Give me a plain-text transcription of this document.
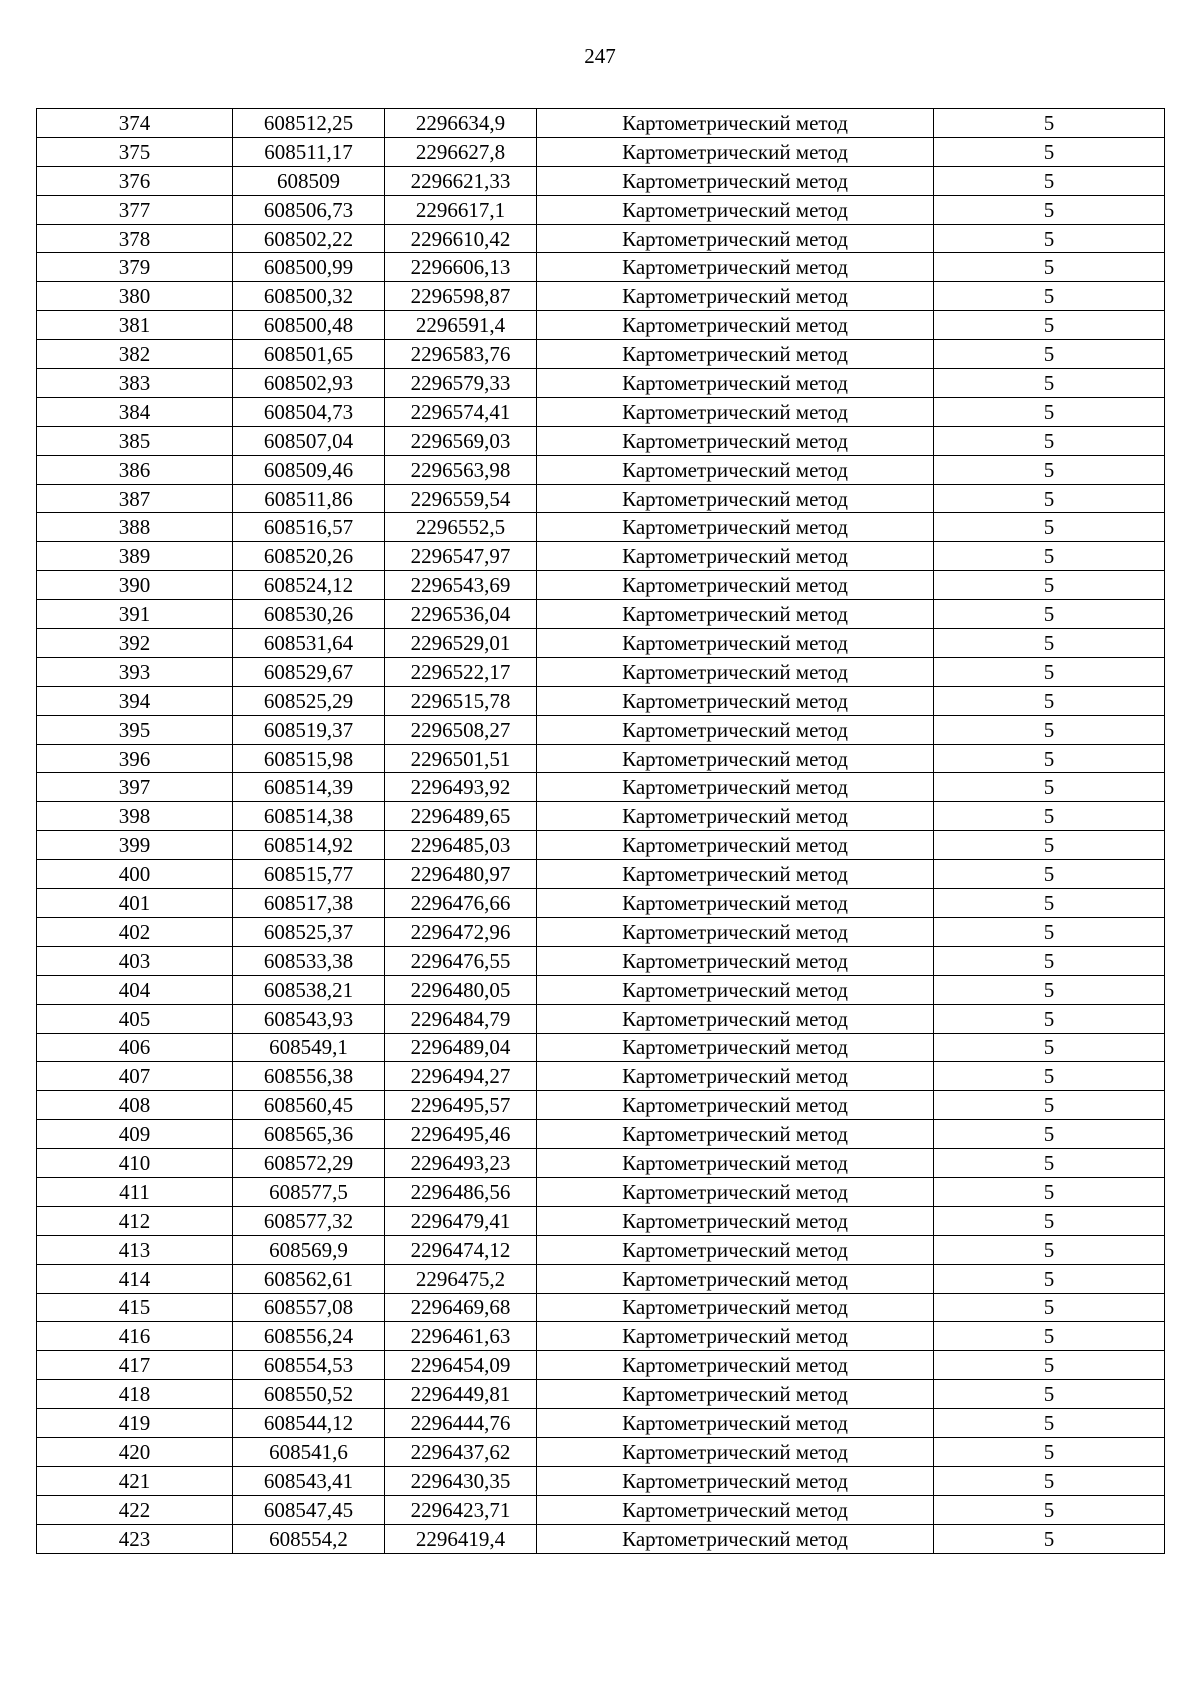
247
374	608512,25	2296634,9	Картометрический метод	5
375	608511,17	2296627,8	Картометрический метод	5
376	608509	2296621,33	Картометрический метод	5
377	608506,73	2296617,1	Картометрический метод	5
378	608502,22	2296610,42	Картометрический метод	5
379	608500,99	2296606,13	Картометрический метод	5
380	608500,32	2296598,87	Картометрический метод	5
381	608500,48	2296591,4	Картометрический метод	5
382	608501,65	2296583,76	Картометрический метод	5
383	608502,93	2296579,33	Картометрический метод	5
384	608504,73	2296574,41	Картометрический метод	5
385	608507,04	2296569,03	Картометрический метод	5
386	608509,46	2296563,98	Картометрический метод	5
387	608511,86	2296559,54	Картометрический метод	5
388	608516,57	2296552,5	Картометрический метод	5
389	608520,26	2296547,97	Картометрический метод	5
390	608524,12	2296543,69	Картометрический метод	5
391	608530,26	2296536,04	Картометрический метод	5
392	608531,64	2296529,01	Картометрический метод	5
393	608529,67	2296522,17	Картометрический метод	5
394	608525,29	2296515,78	Картометрический метод	5
395	608519,37	2296508,27	Картометрический метод	5
396	608515,98	2296501,51	Картометрический метод	5
397	608514,39	2296493,92	Картометрический метод	5
398	608514,38	2296489,65	Картометрический метод	5
399	608514,92	2296485,03	Картометрический метод	5
400	608515,77	2296480,97	Картометрический метод	5
401	608517,38	2296476,66	Картометрический метод	5
402	608525,37	2296472,96	Картометрический метод	5
403	608533,38	2296476,55	Картометрический метод	5
404	608538,21	2296480,05	Картометрический метод	5
405	608543,93	2296484,79	Картометрический метод	5
406	608549,1	2296489,04	Картометрический метод	5
407	608556,38	2296494,27	Картометрический метод	5
408	608560,45	2296495,57	Картометрический метод	5
409	608565,36	2296495,46	Картометрический метод	5
410	608572,29	2296493,23	Картометрический метод	5
411	608577,5	2296486,56	Картометрический метод	5
412	608577,32	2296479,41	Картометрический метод	5
413	608569,9	2296474,12	Картометрический метод	5
414	608562,61	2296475,2	Картометрический метод	5
415	608557,08	2296469,68	Картометрический метод	5
416	608556,24	2296461,63	Картометрический метод	5
417	608554,53	2296454,09	Картометрический метод	5
418	608550,52	2296449,81	Картометрический метод	5
419	608544,12	2296444,76	Картометрический метод	5
420	608541,6	2296437,62	Картометрический метод	5
421	608543,41	2296430,35	Картометрический метод	5
422	608547,45	2296423,71	Картометрический метод	5
423	608554,2	2296419,4	Картометрический метод	5
